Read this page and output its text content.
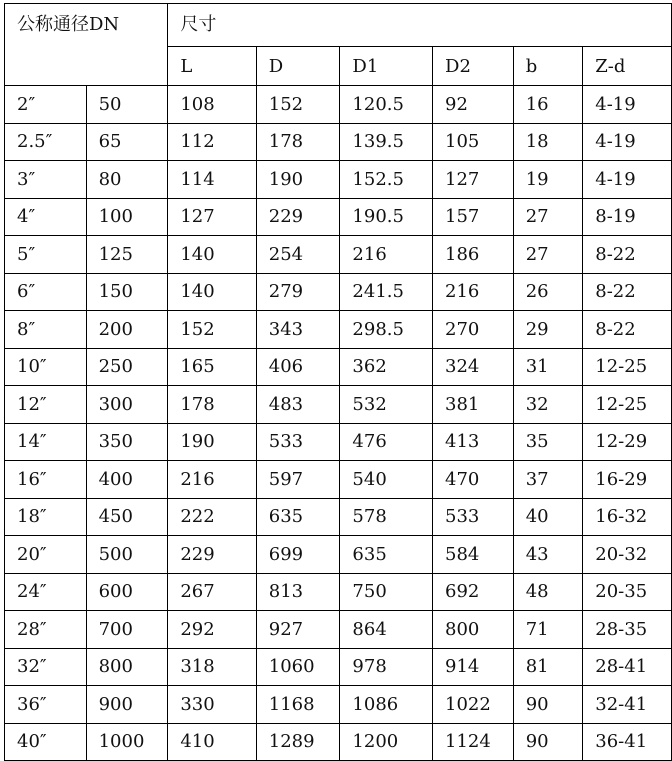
公称通径DN		尺寸					
		L	D	D1	D2	b	Z-d
2″	50	108	152	120.5	92	16	4-19
2.5″	65	112	178	139.5	105	18	4-19
3″	80	114	190	152.5	127	19	4-19
4″	100	127	229	190.5	157	27	8-19
5″	125	140	254	216	186	27	8-22
6″	150	140	279	241.5	216	26	8-22
8″	200	152	343	298.5	270	29	8-22
10″	250	165	406	362	324	31	12-25
12″	300	178	483	532	381	32	12-25
14″	350	190	533	476	413	35	12-29
16″	400	216	597	540	470	37	16-29
18″	450	222	635	578	533	40	16-32
20″	500	229	699	635	584	43	20-32
24″	600	267	813	750	692	48	20-35
28″	700	292	927	864	800	71	28-35
32″	800	318	1060	978	914	81	28-41
36″	900	330	1168	1086	1022	90	32-41
40″	1000	410	1289	1200	1124	90	36-41
